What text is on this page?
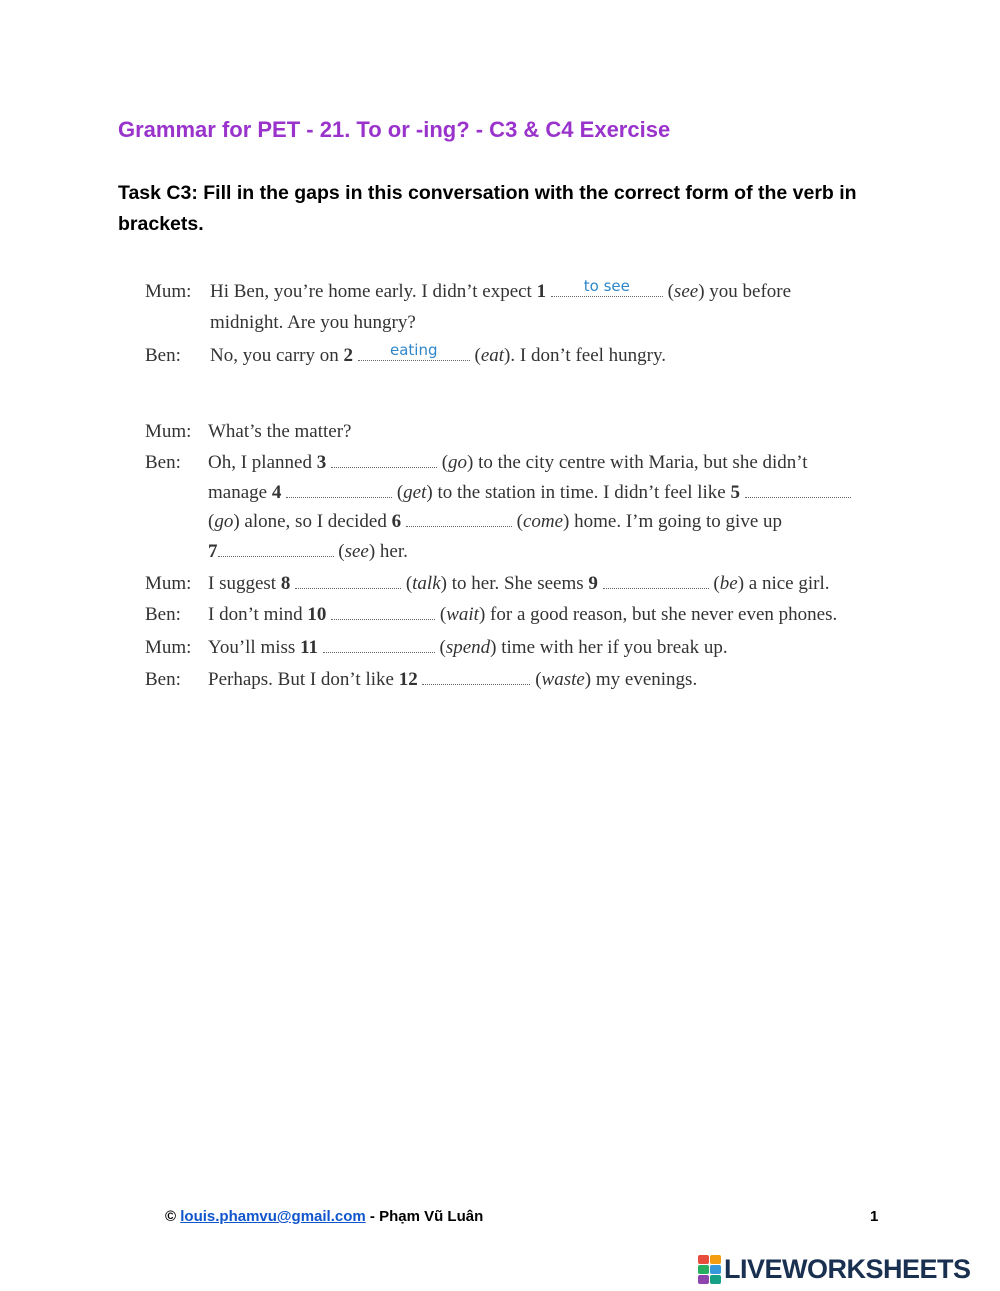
Grammar for PET - 21. To or -ing? - C3 & C4 Exercise
Task C3: Fill in the gaps in this conversation with the correct form of the verb in brackets.
Mum: Hi Ben, you’re home early. I didn’t expect 1	to see	(see) you before
midnight. Are you hungry?
Ben: No, you carry on 2	eating	(eat). I don’t feel hungry.
Mum: What’s the matter?
Ben: Oh, I planned 3	(go) to the city centre with Maria, but she didn’t
manage 4	(get) to the station in time. I didn’t feel like 5
(go) alone, so I decided 6	(come) home. I’m going to give up
7	(see) her.
Mum: I suggest 8	(talk) to her. She seems 9	(be) a nice girl.
Ben: I don’t mind 10	(wait) for a good reason, but she never even phones.
Mum: You’ll miss 11	(spend) time with her if you break up.
Ben: Perhaps. But I don’t like 12	(waste) my evenings.
© louis.phamvu@gmail.com - Phạm Vũ Luân	1
LIVEWORKSHEETS
